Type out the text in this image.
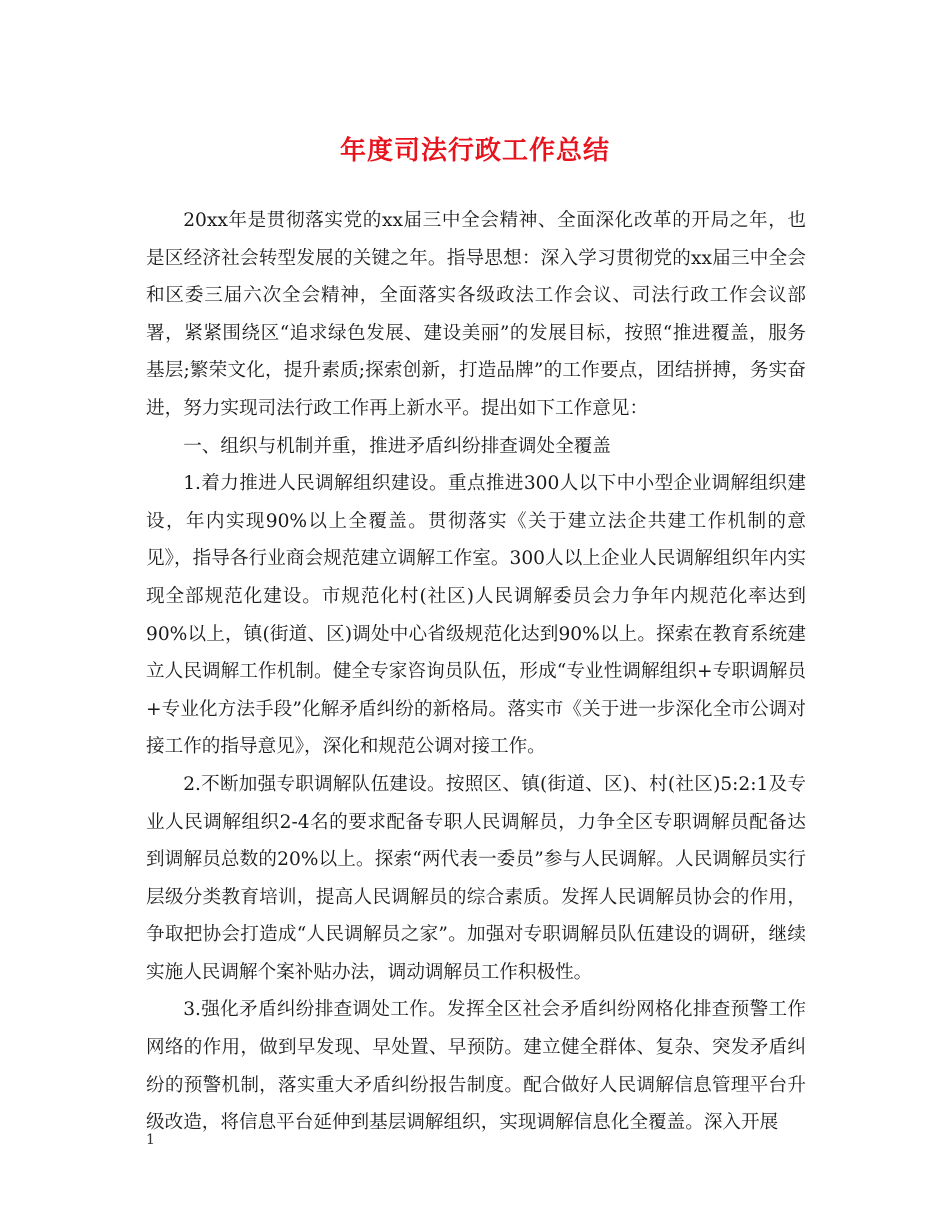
年度司法行政工作总结

20xx年是贯彻落实党的xx届三中全会精神、全面深化改革的开局之年，也是区经济社会转型发展的关键之年。指导思想：深入学习贯彻党的xx届三中全会和区委三届六次全会精神，全面落实各级政法工作会议、司法行政工作会议部署，紧紧围绕区“追求绿色发展、建设美丽”的发展目标，按照“推进覆盖，服务基层;繁荣文化，提升素质;探索创新，打造品牌”的工作要点，团结拼搏，务实奋进，努力实现司法行政工作再上新水平。提出如下工作意见：

一、组织与机制并重，推进矛盾纠纷排查调处全覆盖

1.着力推进人民调解组织建设。重点推进300人以下中小型企业调解组织建设，年内实现90%以上全覆盖。贯彻落实《关于建立法企共建工作机制的意见》，指导各行业商会规范建立调解工作室。300人以上企业人民调解组织年内实现全部规范化建设。市规范化村(社区)人民调解委员会力争年内规范化率达到90%以上，镇(街道、区)调处中心省级规范化达到90%以上。探索在教育系统建立人民调解工作机制。健全专家咨询员队伍，形成“专业性调解组织+专职调解员+专业化方法手段”化解矛盾纠纷的新格局。落实市《关于进一步深化全市公调对接工作的指导意见》，深化和规范公调对接工作。

2.不断加强专职调解队伍建设。按照区、镇(街道、区)、村(社区)5:2:1及专业人民调解组织2-4名的要求配备专职人民调解员，力争全区专职调解员配备达到调解员总数的20%以上。探索“两代表一委员”参与人民调解。人民调解员实行层级分类教育培训，提高人民调解员的综合素质。发挥人民调解员协会的作用，争取把协会打造成“人民调解员之家”。加强对专职调解员队伍建设的调研，继续实施人民调解个案补贴办法，调动调解员工作积极性。

3.强化矛盾纠纷排查调处工作。发挥全区社会矛盾纠纷网格化排查预警工作网络的作用，做到早发现、早处置、早预防。建立健全群体、复杂、突发矛盾纠纷的预警机制，落实重大矛盾纠纷报告制度。配合做好人民调解信息管理平台升级改造，将信息平台延伸到基层调解组织，实现调解信息化全覆盖。深入开展

1
